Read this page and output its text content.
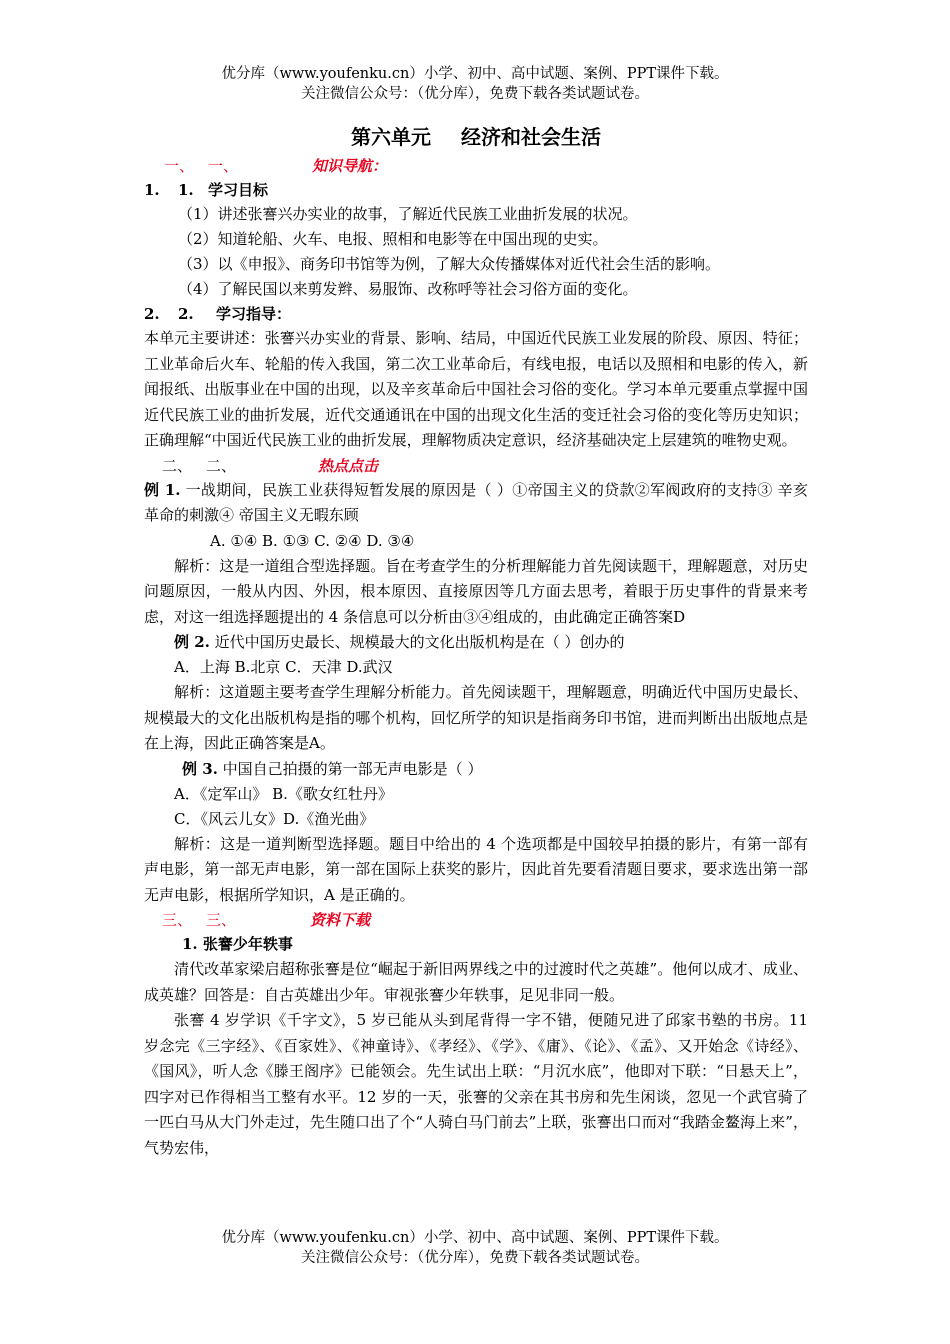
优分库（www.youfenku.cn）小学、初中、高中试题、案例、PPT课件下载。
关注微信公众号：（优分库），免费下载各类试题试卷。

第六单元 经济和社会生活

一、 一、	知识导航：
1. 1. 学习目标

（1）讲述张謇兴办实业的故事，了解近代民族工业曲折发展的状况。

（2）知道轮船、火车、电报、照相和电影等在中国出现的史实。

（3）以《申报》、商务印书馆等为例，了解大众传播媒体对近代社会生活的影响。

（4）了解民国以来剪发辫、易服饰、改称呼等社会习俗方面的变化。

2. 2. 学习指导：

本单元主要讲述：张謇兴办实业的背景、影响、结局，中国近代民族工业发展的阶段、原因、特征；工业革命后火车、轮船的传入我国，第二次工业革命后，有线电报，电话以及照相和电影的传入，新闻报纸、出版事业在中国的出现，以及辛亥革命后中国社会习俗的变化。学习本单元要重点掌握中国近代民族工业的曲折发展，近代交通通讯在中国的出现文化生活的变迁社会习俗的变化等历史知识；正确理解“中国近代民族工业的曲折发展，理解物质决定意识，经济基础决定上层建筑的唯物史观。

二、 二、	热点点击

例 1. 一战期间，民族工业获得短暂发展的原因是（ ）①帝国主义的贷款②军阀政府的支持③ 辛亥革命的刺激④ 帝国主义无暇东顾

A. ①④ B. ①③ C. ②④ D. ③④

解析：这是一道组合型选择题。旨在考查学生的分析理解能力首先阅读题干，理解题意，对历史问题原因，一般从内因、外因，根本原因、直接原因等几方面去思考，着眼于历史事件的背景来考虑，对这一组选择题提出的 4 条信息可以分析由③④组成的，由此确定正确答案D

例 2. 近代中国历史最长、规模最大的文化出版机构是在（ ）创办的

A．上海 B.北京 C．天津 D.武汉

解析：这道题主要考查学生理解分析能力。首先阅读题干，理解题意，明确近代中国历史最长、规模最大的文化出版机构是指的哪个机构，回忆所学的知识是指商务印书馆，进而判断出出版地点是在上海，因此正确答案是A。

例 3. 中国自己拍摄的第一部无声电影是（ ）

A．《定军山》 B.《歌女红牡丹》

C．《风云儿女》D.《渔光曲》

解析：这是一道判断型选择题。题目中给出的 4 个选项都是中国较早拍摄的影片，有第一部有声电影，第一部无声电影，第一部在国际上获奖的影片，因此首先要看清题目要求，要求选出第一部无声电影，根据所学知识，A 是正确的。

三、 三、	资料下载

1. 张謇少年轶事

清代改革家梁启超称张謇是位“崛起于新旧两界线之中的过渡时代之英雄”。他何以成才、成业、成英雄？回答是：自古英雄出少年。审视张謇少年轶事，足见非同一般。

张謇 4 岁学识《千字文》，5 岁已能从头到尾背得一字不错，便随兄进了邱家书塾的书房。11 岁念完《三字经》、《百家姓》、《神童诗》、《孝经》、《学》、《庸》、《论》、《孟》、又开始念《诗经》、《国风》，听人念《滕王阁序》已能领会。先生试出上联：“月沉水底”，他即对下联：“日悬天上”，四字对已作得相当工整有水平。12 岁的一天，张謇的父亲在其书房和先生闲谈，忽见一个武官骑了一匹白马从大门外走过，先生随口出了个“人骑白马门前去”上联，张謇出口而对“我踏金鳌海上来”，气势宏伟，

优分库（www.youfenku.cn）小学、初中、高中试题、案例、PPT课件下载。
关注微信公众号：（优分库），免费下载各类试题试卷。
